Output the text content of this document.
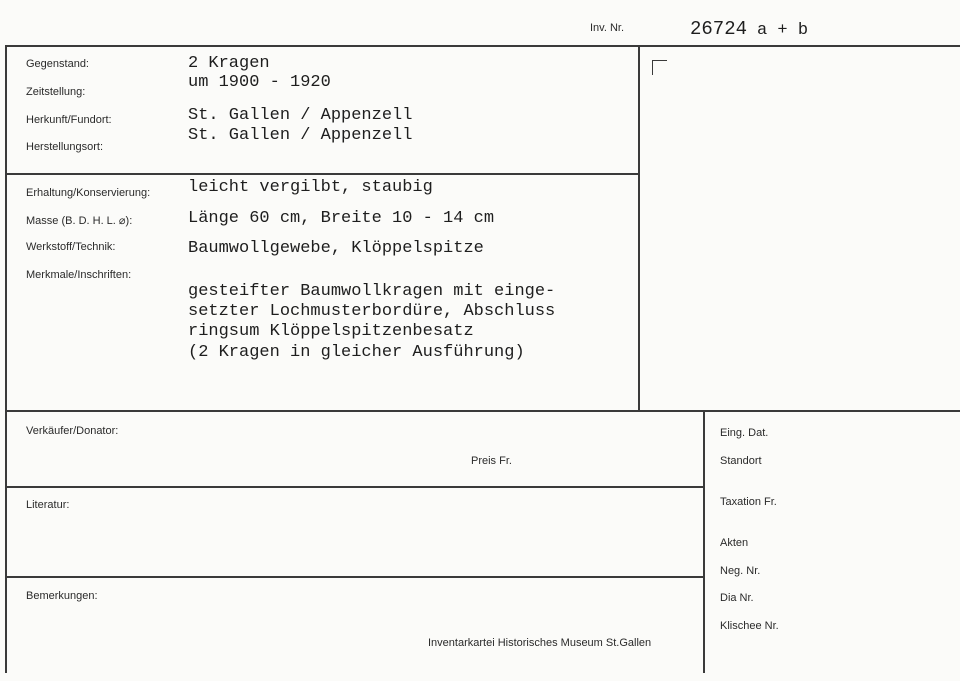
Inv. Nr.	26724 a + b
Gegenstand:
Zeitstellung:
Herkunft/Fundort:
Herstellungsort:
2 Kragen
um 1900 - 1920
St. Gallen / Appenzell
St. Gallen / Appenzell
Erhaltung/Konservierung:
Masse (B. D. H. L. ⌀):
Werkstoff/Technik:
Merkmale/Inschriften:
leicht vergilbt, staubig
Länge 60 cm, Breite 10 - 14 cm
Baumwollgewebe, Klöppelspitze
gesteifter Baumwollkragen mit einge-
setzter Lochmusterbordüre, Abschluss
ringsum Klöppelspitzenbesatz
(2 Kragen in gleicher Ausführung)
Verkäufer/Donator:
Preis Fr.
Literatur:
Bemerkungen:
Inventarkartei Historisches Museum St.Gallen
Eing. Dat.
Standort
Taxation Fr.
Akten
Neg. Nr.
Dia Nr.
Klischee Nr.
